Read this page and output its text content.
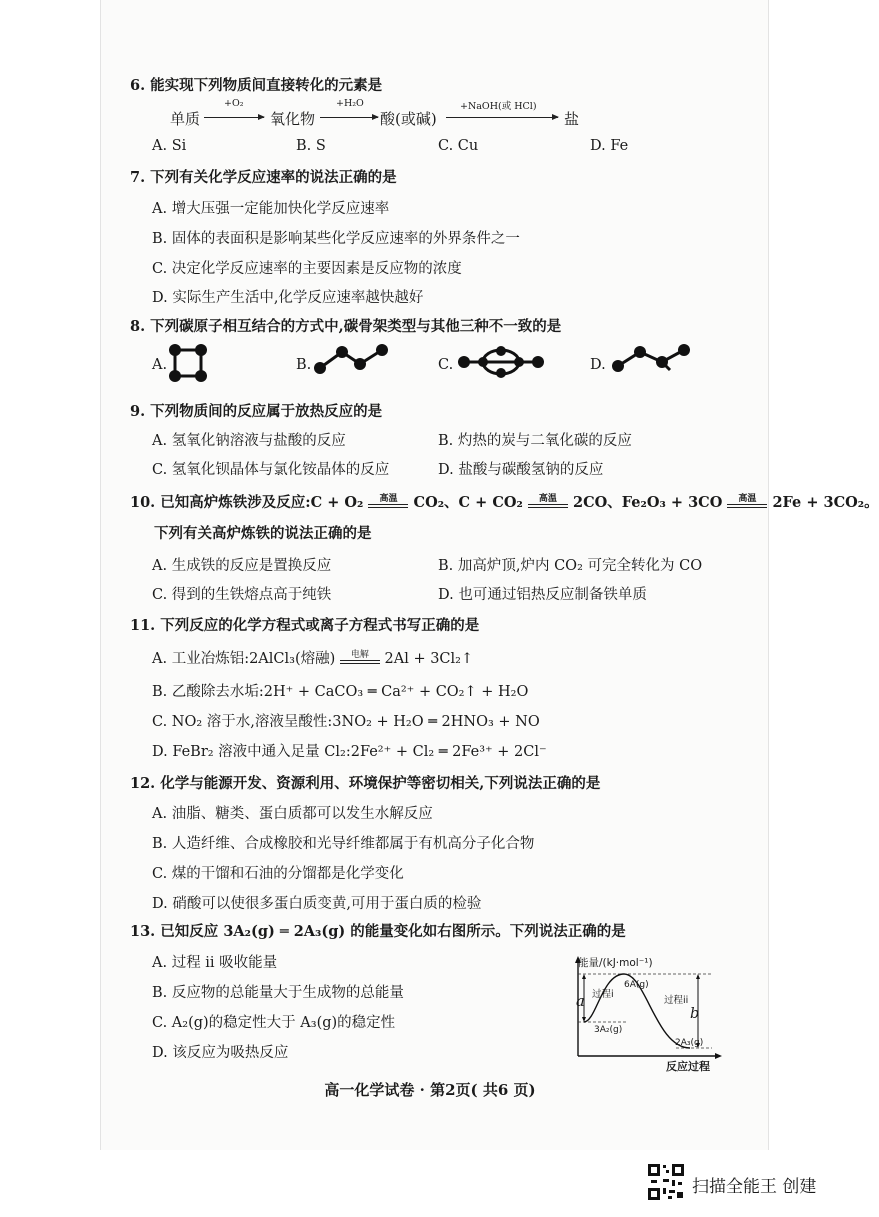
6. 能实现下列物质间直接转化的元素是
单质
+O₂
氧化物
+H₂O
酸(或碱)
+NaOH(或 HCl)
盐
A. Si	B. S	C. Cu	D. Fe
7. 下列有关化学反应速率的说法正确的是
A. 增大压强一定能加快化学反应速率
B. 固体的表面积是影响某些化学反应速率的外界条件之一
C. 决定化学反应速率的主要因素是反应物的浓度
D. 实际生产生活中,化学反应速率越快越好
8. 下列碳原子相互结合的方式中,碳骨架类型与其他三种不一致的是
A.	B.	C.	D.
9. 下列物质间的反应属于放热反应的是
A. 氢氧化钠溶液与盐酸的反应	B. 灼热的炭与二氧化碳的反应
C. 氢氧化钡晶体与氯化铵晶体的反应	D. 盐酸与碳酸氢钠的反应
10. 已知高炉炼铁涉及反应:C + O₂	高温	CO₂、C + CO₂	高温	2CO、Fe₂O₃ + 3CO	高温	2Fe + 3CO₂。
下列有关高炉炼铁的说法正确的是
A. 生成铁的反应是置换反应	B. 加高炉顶,炉内 CO₂ 可完全转化为 CO
C. 得到的生铁熔点高于纯铁	D. 也可通过铝热反应制备铁单质
11. 下列反应的化学方程式或离子方程式书写正确的是
A. 工业冶炼铝:2AlCl₃(熔融)	电解	2Al + 3Cl₂↑
B. 乙酸除去水垢:2H⁺ + CaCO₃ ═ Ca²⁺ + CO₂↑ + H₂O
C. NO₂ 溶于水,溶液呈酸性:3NO₂ + H₂O ═ 2HNO₃ + NO
D. FeBr₂ 溶液中通入足量 Cl₂:2Fe²⁺ + Cl₂ ═ 2Fe³⁺ + 2Cl⁻
12. 化学与能源开发、资源利用、环境保护等密切相关,下列说法正确的是
A. 油脂、糖类、蛋白质都可以发生水解反应
B. 人造纤维、合成橡胶和光导纤维都属于有机高分子化合物
C. 煤的干馏和石油的分馏都是化学变化
D. 硝酸可以使很多蛋白质变黄,可用于蛋白质的检验
13. 已知反应 3A₂(g) ═ 2A₃(g) 的能量变化如右图所示。下列说法正确的是
A. 过程 ii 吸收能量
B. 反应物的总能量大于生成物的总能量
C. A₂(g)的稳定性大于 A₃(g)的稳定性
D. 该反应为吸热反应
能量/(kJ·mol⁻¹)
6A(g)
过程i
过程ii
a
b
3A₂(g)
2A₃(g)
反应过程
高一化学试卷 · 第2页( 共6 页)
扫描全能王 创建
